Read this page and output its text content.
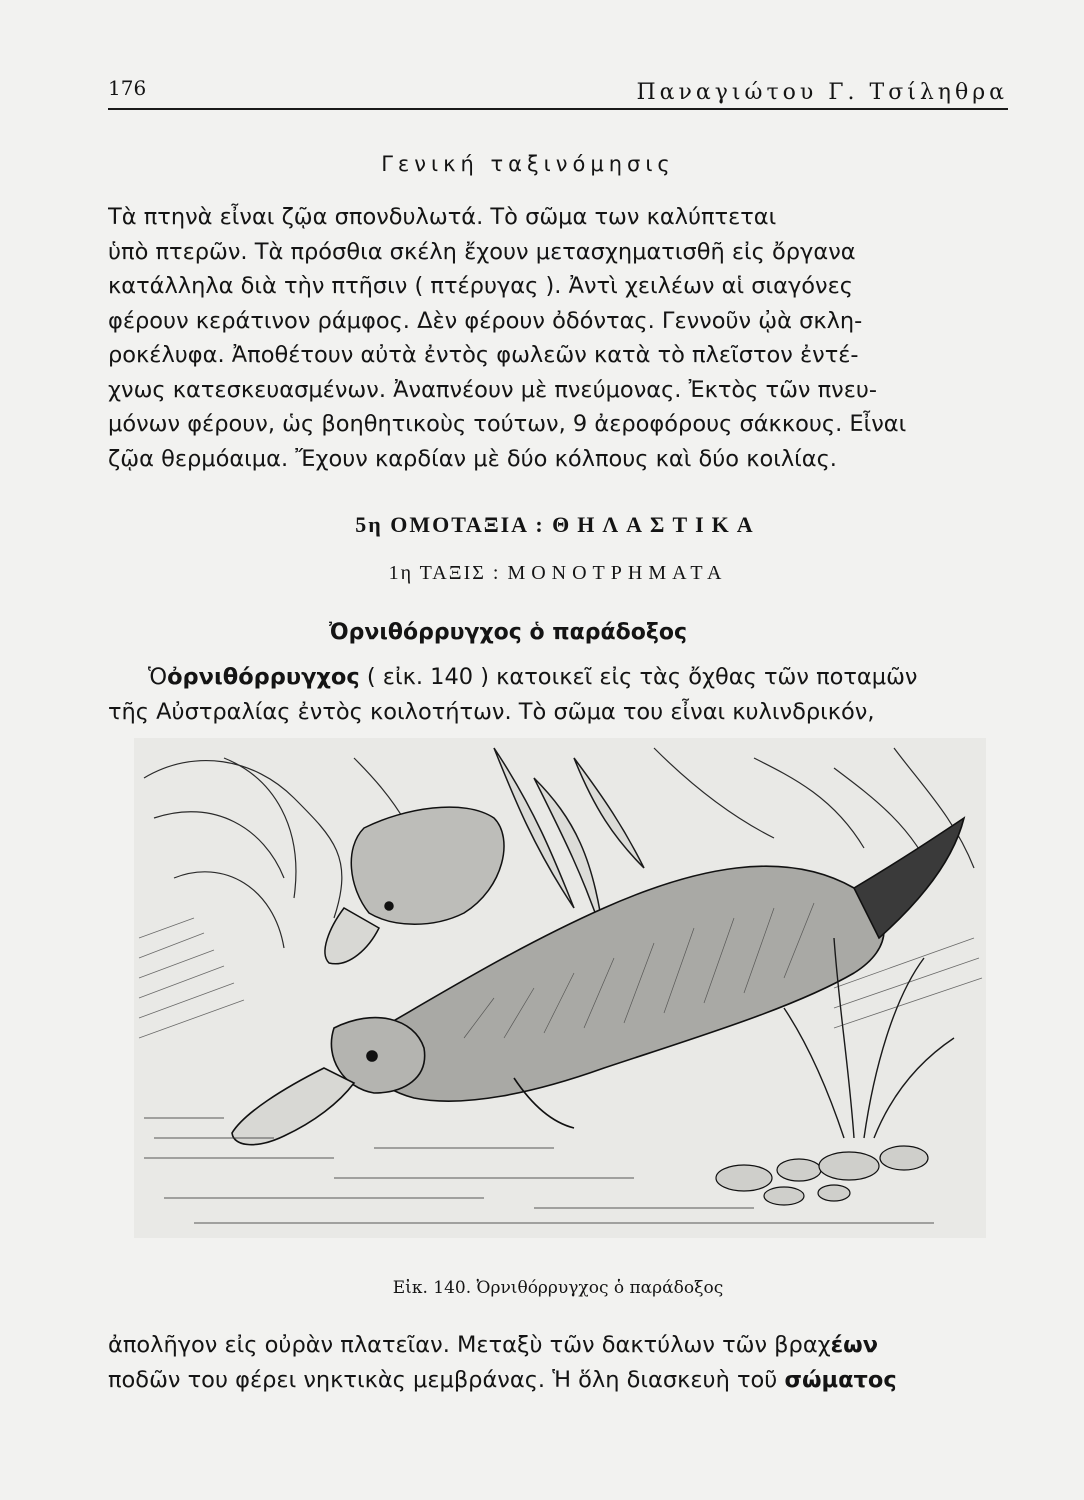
176	Παναγιώτου Γ. Τσίληθρα
Γενική ταξινόμησις
Τὰ πτηνὰ εἶναι ζῷα σπονδυλωτά. Τὸ σῶμα των καλύπτεται
ὑπὸ πτερῶν. Τὰ πρόσθια σκέλη ἔχουν μετασχηματισθῆ εἰς ὄργανα
κατάλληλα διὰ τὴν πτῆσιν ( πτέρυγας ). Ἀντὶ χειλέων αἱ σιαγόνες
φέρουν κεράτινον ράμφος. Δὲν φέρουν ὀδόντας. Γεννοῦν ᾠὰ σκλη-
ροκέλυφα. Ἀποθέτουν αὐτὰ ἐντὸς φωλεῶν κατὰ τὸ πλεῖστον ἐντέ-
χνως κατεσκευασμένων. Ἀναπνέουν μὲ πνεύμονας. Ἐκτὸς τῶν πνευ-
μόνων φέρουν, ὡς βοηθητικοὺς τούτων, 9 ἀεροφόρους σάκκους. Εἶναι
ζῷα θερμόαιμα. Ἔχουν καρδίαν μὲ δύο κόλπους καὶ δύο κοιλίας.
5η ΟΜΟΤΑΞΙΑ : ΘΗΛΑΣΤΙΚΑ
1η ΤΑΞΙΣ : ΜΟΝΟΤΡΗΜΑΤΑ
Ὀρνιθόρρυγχος ὁ παράδοξος
Ὁὀρνιθόρρυγχος ( εἰκ. 140 ) κατοικεῖ εἰς τὰς ὄχθας τῶν ποταμῶν
τῆς Αὐστραλίας ἐντὸς κοιλοτήτων. Τὸ σῶμα του εἶναι κυλινδρικόν,
Εἰκ. 140. Ὀρνιθόρρυγχος ὁ παράδοξος
ἀπολῆγον εἰς οὐρὰν πλατεῖαν. Μεταξὺ τῶν δακτύλων τῶν βραχέων
ποδῶν του φέρει νηκτικὰς μεμβράνας. Ἡ ὅλη διασκευὴ τοῦ σώματος
